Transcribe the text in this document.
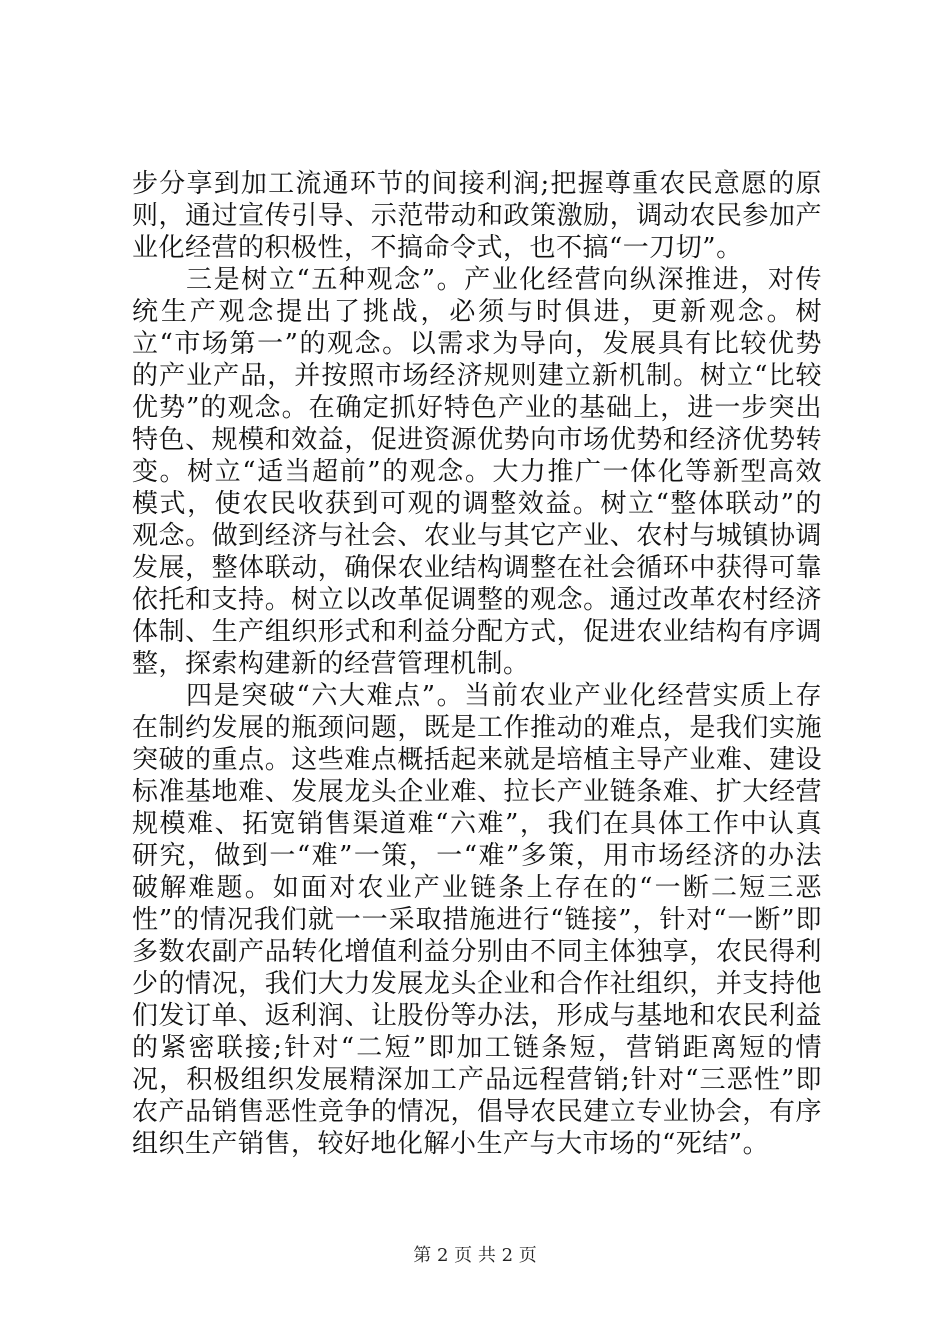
步分享到加工流通环节的间接利润;把握尊重农民意愿的原则，通过宣传引导、示范带动和政策激励，调动农民参加产业化经营的积极性，不搞命令式，也不搞“一刀切”。

三是树立“五种观念”。产业化经营向纵深推进，对传统生产观念提出了挑战，必须与时俱进，更新观念。树立“市场第一”的观念。以需求为导向，发展具有比较优势的产业产品，并按照市场经济规则建立新机制。树立“比较优势”的观念。在确定抓好特色产业的基础上，进一步突出特色、规模和效益，促进资源优势向市场优势和经济优势转变。树立“适当超前”的观念。大力推广一体化等新型高效模式，使农民收获到可观的调整效益。树立“整体联动”的观念。做到经济与社会、农业与其它产业、农村与城镇协调发展，整体联动，确保农业结构调整在社会循环中获得可靠依托和支持。树立以改革促调整的观念。通过改革农村经济体制、生产组织形式和利益分配方式，促进农业结构有序调整，探索构建新的经营管理机制。

四是突破“六大难点”。当前农业产业化经营实质上存在制约发展的瓶颈问题，既是工作推动的难点，是我们实施突破的重点。这些难点概括起来就是培植主导产业难、建设标准基地难、发展龙头企业难、拉长产业链条难、扩大经营规模难、拓宽销售渠道难“六难”，我们在具体工作中认真研究，做到一“难”一策，一“难”多策，用市场经济的办法破解难题。如面对农业产业链条上存在的“一断二短三恶性”的情况我们就一一采取措施进行“链接”，针对“一断”即多数农副产品转化增值利益分别由不同主体独享，农民得利少的情况，我们大力发展龙头企业和合作社组织，并支持他们发订单、返利润、让股份等办法，形成与基地和农民利益的紧密联接;针对“二短”即加工链条短，营销距离短的情况，积极组织发展精深加工产品远程营销;针对“三恶性”即农产品销售恶性竞争的情况，倡导农民建立专业协会，有序组织生产销售，较好地化解小生产与大市场的“死结”。

第 2 页 共 2 页
